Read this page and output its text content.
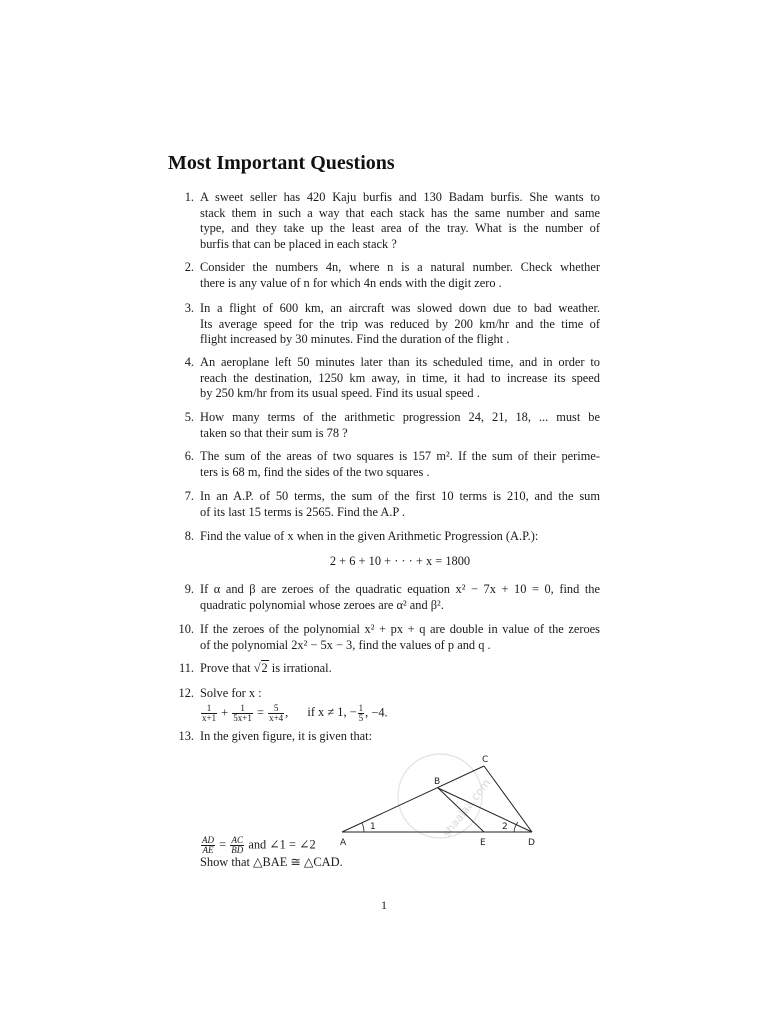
Most Important Questions
1. A sweet seller has 420 Kaju burfis and 130 Badam burfis. She wants to
stack them in such a way that each stack has the same number and same
type, and they take up the least area of the tray. What is the number of
burfis that can be placed in each stack ?
2. Consider the numbers 4n, where n is a natural number. Check whether
there is any value of n for which 4n ends with the digit zero .
3. In a flight of 600 km, an aircraft was slowed down due to bad weather.
Its average speed for the trip was reduced by 200 km/hr and the time of
flight increased by 30 minutes. Find the duration of the flight .
4. An aeroplane left 50 minutes later than its scheduled time, and in order to
reach the destination, 1250 km away, in time, it had to increase its speed
by 250 km/hr from its usual speed. Find its usual speed .
5. How many terms of the arithmetic progression 24, 21, 18, ... must be
taken so that their sum is 78 ?
6. The sum of the areas of two squares is 157 m². If the sum of their perime-
ters is 68 m, find the sides of the two squares .
7. In an A.P. of 50 terms, the sum of the first 10 terms is 210, and the sum
of its last 15 terms is 2565. Find the A.P .
8. Find the value of x when in the given Arithmetic Progression (A.P.):
2 + 6 + 10 + · · · + x = 1800
9. If α and β are zeroes of the quadratic equation x² − 7x + 10 = 0, find the
quadratic polynomial whose zeroes are α² and β².
10. If the zeroes of the polynomial x² + px + q are double in value of the zeroes
of the polynomial 2x² − 5x − 3, find the values of p and q .
11. Prove that √2 is irrational.
12. Solve for x :
$\frac{1}{x+1} + \frac{1}{5x+1} = \frac{5}{x+4}$ , if x ≠ 1, − $\frac{1}{5}$ , −4.
13. In the given figure, it is given that:
$\frac{AD}{AE} = \frac{AC}{BD}$ and ∠1 = ∠2
Show that △BAE ≅ △CAD.
shaalaa.com
1	2
A
B
C
D
E
1
